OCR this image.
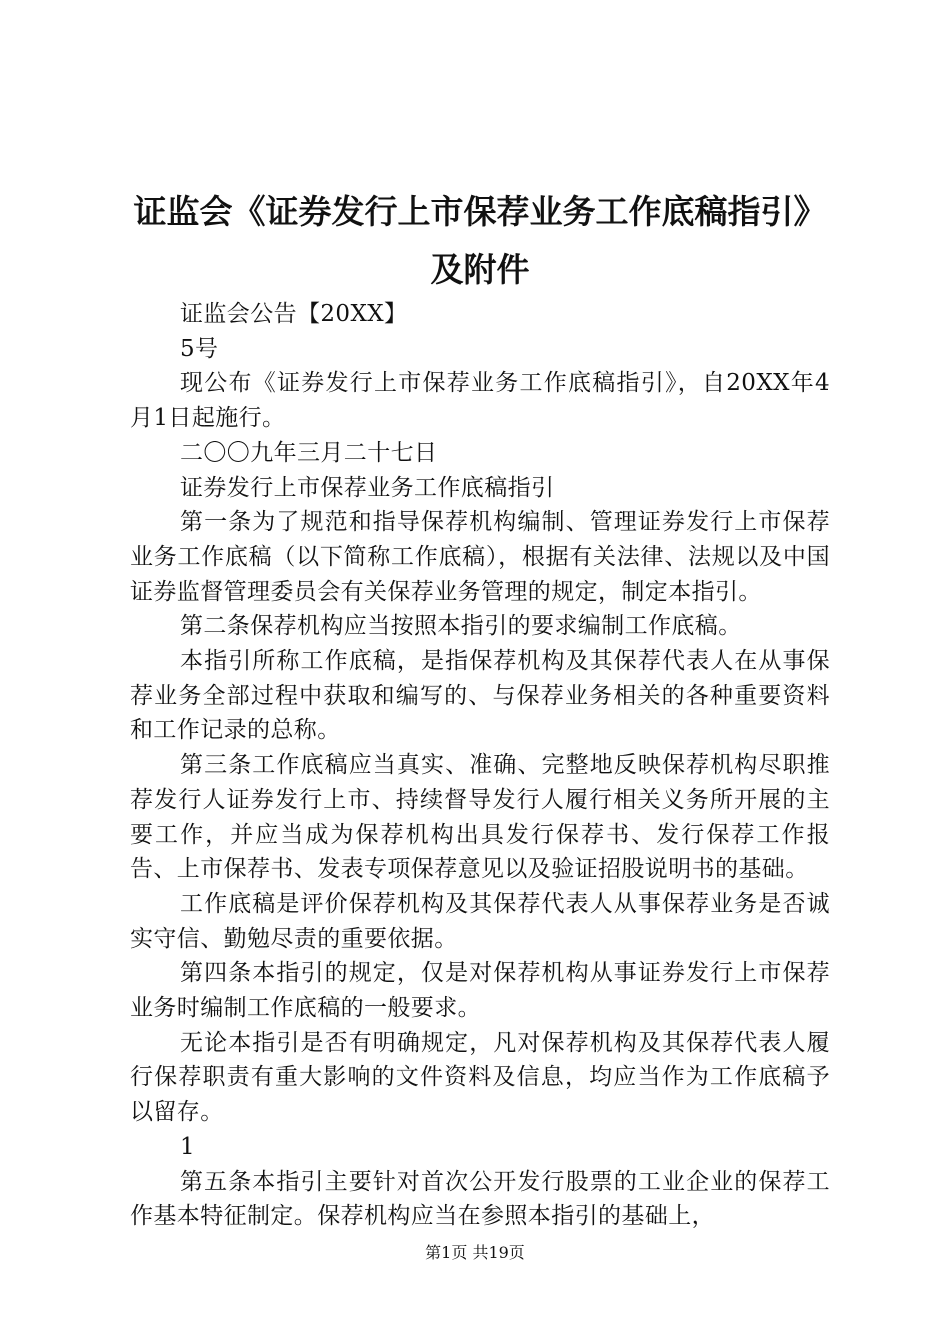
证监会《证券发行上市保荐业务工作底稿指引》及附件

证监会公告【20XX】

5号

现公布《证券发行上市保荐业务工作底稿指引》，自20XX年4月1日起施行。

二〇〇九年三月二十七日

证券发行上市保荐业务工作底稿指引

第一条为了规范和指导保荐机构编制、管理证券发行上市保荐业务工作底稿（以下简称工作底稿），根据有关法律、法规以及中国证券监督管理委员会有关保荐业务管理的规定，制定本指引。

第二条保荐机构应当按照本指引的要求编制工作底稿。

本指引所称工作底稿，是指保荐机构及其保荐代表人在从事保荐业务全部过程中获取和编写的、与保荐业务相关的各种重要资料和工作记录的总称。

第三条工作底稿应当真实、准确、完整地反映保荐机构尽职推荐发行人证券发行上市、持续督导发行人履行相关义务所开展的主要工作，并应当成为保荐机构出具发行保荐书、发行保荐工作报告、上市保荐书、发表专项保荐意见以及验证招股说明书的基础。

工作底稿是评价保荐机构及其保荐代表人从事保荐业务是否诚实守信、勤勉尽责的重要依据。

第四条本指引的规定，仅是对保荐机构从事证券发行上市保荐业务时编制工作底稿的一般要求。

无论本指引是否有明确规定，凡对保荐机构及其保荐代表人履行保荐职责有重大影响的文件资料及信息，均应当作为工作底稿予以留存。

1

第五条本指引主要针对首次公开发行股票的工业企业的保荐工作基本特征制定。保荐机构应当在参照本指引的基础上，

第1页 共19页
